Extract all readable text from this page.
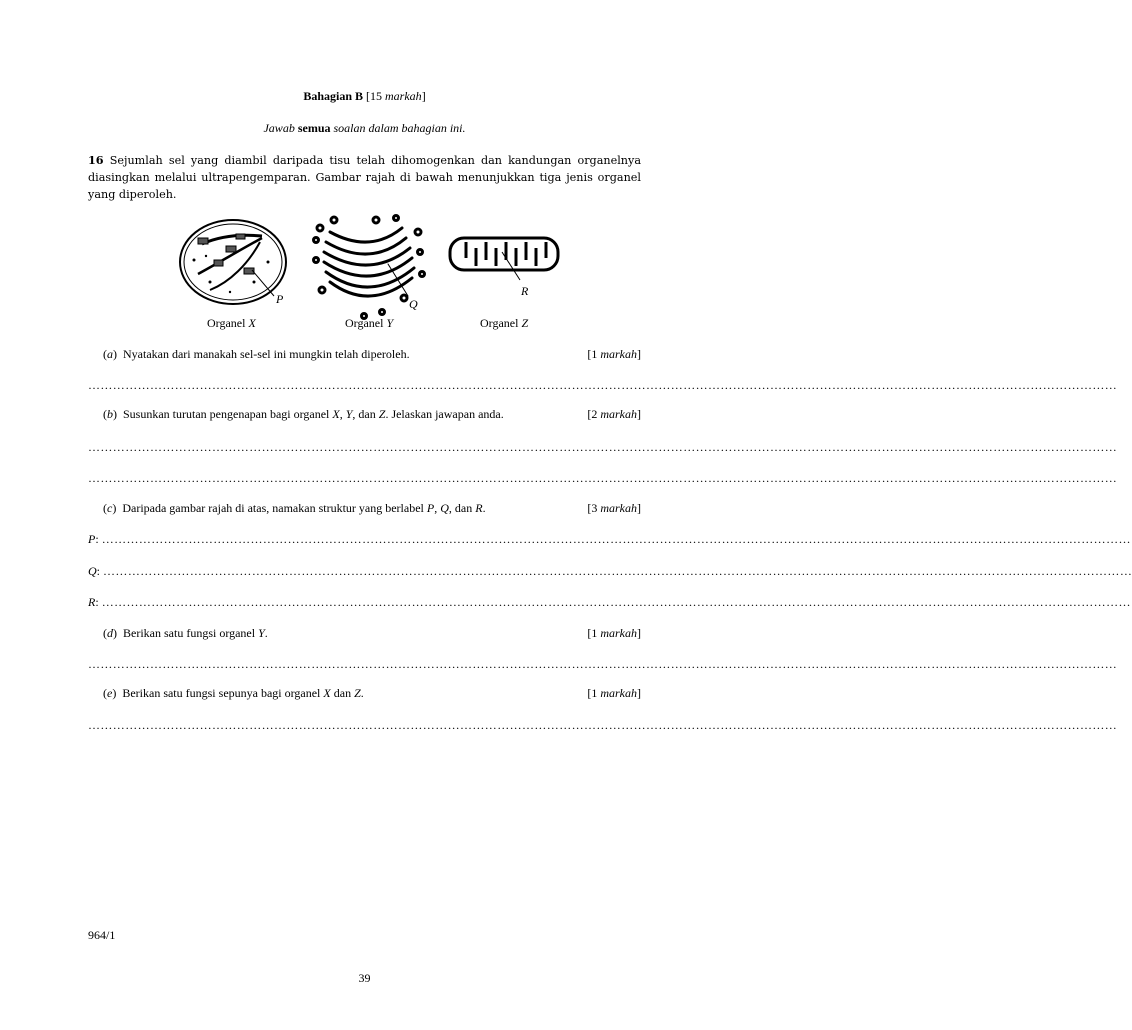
Bahagian B [15 markah]
Jawab semua soalan dalam bahagian ini.
16 Sejumlah sel yang diambil daripada tisu telah dihomogenkan dan kandungan organelnya diasingkan melalui ultrapengemparan. Gambar rajah di bawah menunjukkan tiga jenis organel yang diperoleh.
P	Q
R
Organel X	Organel Y	Organel Z
(a)  Nyatakan dari manakah sel-sel ini mungkin telah diperoleh.	[1 markah]
……………………………………………………………………………………………………………………………………………………………………………………………………………………………
(b)  Susunkan turutan pengenapan bagi organel X, Y, dan Z. Jelaskan jawapan anda.	[2 markah]
……………………………………………………………………………………………………………………………………………………………………………………………………………………………
……………………………………………………………………………………………………………………………………………………………………………………………………………………………
(c)  Daripada gambar rajah di atas, namakan struktur yang berlabel P, Q, dan R.	[3 markah]
P: ……………………………………………………………………………………………………………………………………………………………………………………………………………………………
Q: ……………………………………………………………………………………………………………………………………………………………………………………………………………………………
R: ……………………………………………………………………………………………………………………………………………………………………………………………………………………………
(d)  Berikan satu fungsi organel Y.	[1 markah]
……………………………………………………………………………………………………………………………………………………………………………………………………………………………
(e)  Berikan satu fungsi sepunya bagi organel X dan Z.	[1 markah]
……………………………………………………………………………………………………………………………………………………………………………………………………………………………
964/1
39
